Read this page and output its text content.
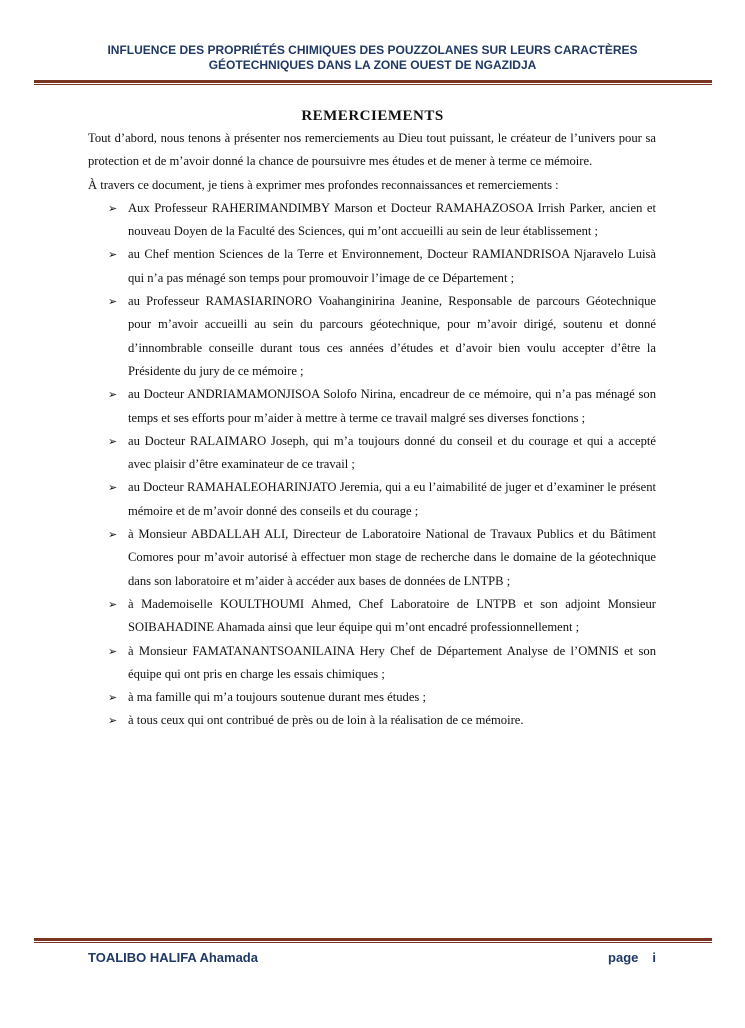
INFLUENCE DES PROPRIÉTÉS CHIMIQUES DES POUZZOLANES SUR LEURS CARACTÈRES
GÉOTECHNIQUES DANS LA ZONE OUEST DE NGAZIDJA
REMERCIEMENTS

Tout d’abord, nous tenons à présenter nos remerciements au Dieu tout puissant, le créateur de l’univers pour sa protection et de m’avoir donné la chance de poursuivre mes études et de mener à terme ce mémoire.

À travers ce document, je tiens à exprimer mes profondes reconnaissances et remerciements :

➢ Aux Professeur RAHERIMANDIMBY Marson et Docteur RAMAHAZOSOA Irrish Parker, ancien et nouveau Doyen de la Faculté des Sciences, qui m’ont accueilli au sein de leur établissement ;
➢ au Chef mention Sciences de la Terre et Environnement, Docteur RAMIANDRISOA Njaravelo Luisà qui n’a pas ménagé son temps pour promouvoir l’image de ce Département ;
➢ au Professeur RAMASIARINORO Voahanginirina Jeanine, Responsable de parcours Géotechnique pour m’avoir accueilli au sein du parcours géotechnique, pour m’avoir dirigé, soutenu et donné d’innombrable conseille durant tous ces années d’études et d’avoir bien voulu accepter d’être la Présidente du jury de ce mémoire ;
➢ au Docteur ANDRIAMAMONJISOA Solofo Nirina, encadreur de ce mémoire, qui n’a pas ménagé son temps et ses efforts pour m’aider à mettre à terme ce travail malgré ses diverses fonctions ;
➢ au Docteur RALAIMARO Joseph, qui m’a toujours donné du conseil et du courage et qui a accepté avec plaisir d’être examinateur de ce travail ;
➢ au Docteur RAMAHALEOHARINJATO Jeremia, qui a eu l’aimabilité de juger et d’examiner le présent mémoire et de m’avoir donné des conseils et du courage ;
➢ à Monsieur ABDALLAH ALI, Directeur de Laboratoire National de Travaux Publics et du Bâtiment Comores pour m’avoir autorisé à effectuer mon stage de recherche dans le domaine de la géotechnique dans son laboratoire et m’aider à accéder aux bases de données de LNTPB ;
➢ à Mademoiselle KOULTHOUMI Ahmed, Chef Laboratoire de LNTPB et son adjoint Monsieur SOIBAHADINE Ahamada ainsi que leur équipe qui m’ont encadré professionnellement ;
➢ à Monsieur FAMATANANTSOANILAINA Hery Chef de Département Analyse de l’OMNIS et son équipe qui ont pris en charge les essais chimiques ;
➢ à ma famille qui m’a toujours soutenue durant mes études ;
➢ à tous ceux qui ont contribué de près ou de loin à la réalisation de ce mémoire.
TOALIBO HALIFA Ahamada	page i
